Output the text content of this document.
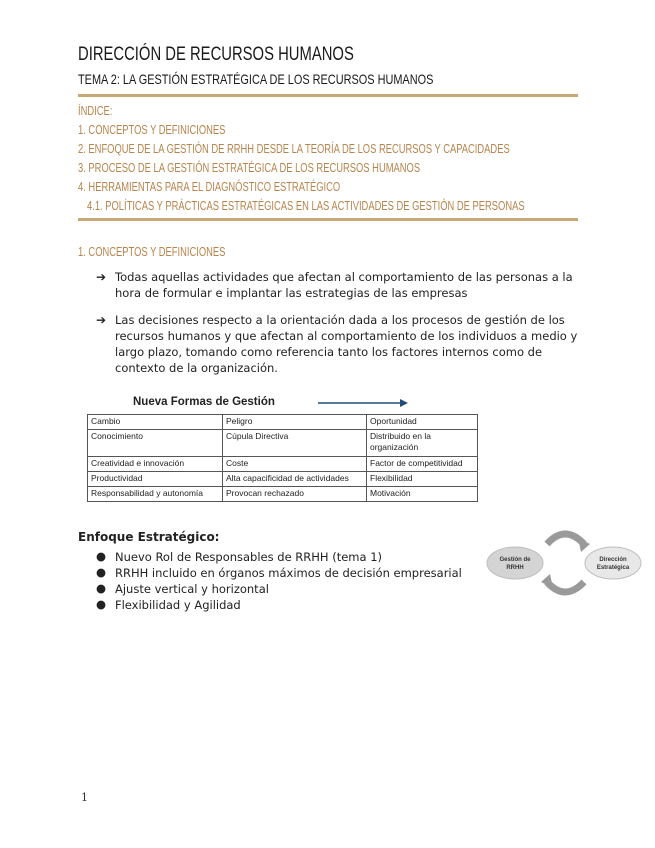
DIRECCIÓN DE RECURSOS HUMANOS
TEMA 2: LA GESTIÓN ESTRATÉGICA DE LOS RECURSOS HUMANOS
ÍNDICE:
1. CONCEPTOS Y DEFINICIONES
2. ENFOQUE DE LA GESTIÓN DE RRHH DESDE LA TEORÍA DE LOS RECURSOS Y CAPACIDADES
3. PROCESO DE LA GESTIÓN ESTRATÉGICA DE LOS RECURSOS HUMANOS
4. HERRAMIENTAS PARA EL DIAGNÓSTICO ESTRATÉGICO
4.1. POLÍTICAS Y PRÁCTICAS ESTRATÉGICAS EN LAS ACTIVIDADES DE GESTIÓN DE PERSONAS
1. CONCEPTOS Y DEFINICIONES
➔ Todas aquellas actividades que afectan al comportamiento de las personas a la hora de formular e implantar las estrategias de las empresas
➔ Las decisiones respecto a la orientación dada a los procesos de gestión de los recursos humanos y que afectan al comportamiento de los individuos a medio y largo plazo, tomando como referencia tanto los factores internos como de contexto de la organización.
Nueva Formas de Gestión
Cambio	Peligro	Oportunidad
Conocimiento	Cúpula Directiva	Distribuido en la organización
Creatividad e innovación	Coste	Factor de competitividad
Productividad	Alta capacificidad de actividades	Flexibilidad
Responsabilidad y autonomía	Provocan rechazado	Motivación
Enfoque Estratégico:
● Nuevo Rol de Responsables de RRHH (tema 1)
● RRHH incluido en órganos máximos de decisión empresarial
● Ajuste vertical y horizontal
● Flexibilidad y Agilidad
Gestión de
RRHH
Dirección
Estratégica
1
